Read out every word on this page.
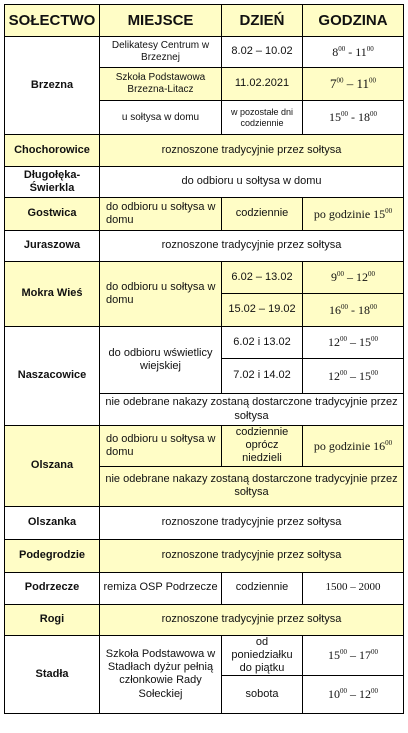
SOŁECTWO	MIEJSCE	DZIEŃ	GODZINA
Brzezna	Delikatesy Centrum w Brzeznej	8.02 – 10.02	$8^{00} - 11^{00}$
	Szkoła Podstawowa Brzezna-Litacz	11.02.2021	$7^{00} - 11^{00}$
	u sołtysa w domu	w pozostałe dni codziennie	$15^{00} - 18^{00}$
Chochorowice	roznoszone tradycyjnie przez sołtysa		
Długołęka-Świerkla	do odbioru u sołtysa w domu		
Gostwica	do odbioru u sołtysa w domu	codziennie	po godzinie $15^{00}$
Juraszowa	roznoszone tradycyjnie przez sołtysa		
Mokra Wieś	do odbioru u sołtysa w domu	6.02 – 13.02	$9^{00} - 12^{00}$
		15.02 – 19.02	$16^{00} - 18^{00}$
Naszacowice	do odbioru wświetlicy wiejskiej	6.02 i 13.02	$12^{00} - 15^{00}$
		7.02 i 14.02	$12^{00} - 15^{00}$
	nie odebrane nakazy zostaną dostarczone tradycyjnie przez sołtysa		
Olszana	do odbioru u sołtysa w domu	codziennie oprócz niedzieli	po godzinie $16^{00}$
	nie odebrane nakazy zostaną dostarczone tradycyjnie przez sołtysa		
Olszanka	roznoszone tradycyjnie przez sołtysa		
Podegrodzie	roznoszone tradycyjnie przez sołtysa		
Podrzecze	remiza OSP Podrzecze	codziennie	1500 – 2000
Rogi	roznoszone tradycyjnie przez sołtysa		
Stadła	Szkoła Podstawowa w Stadłach dyżur pełnią członkowie Rady Sołeckiej	od poniedziałku do piątku	$15^{00} - 17^{00}$
		sobota	$10^{00} - 12^{00}$
